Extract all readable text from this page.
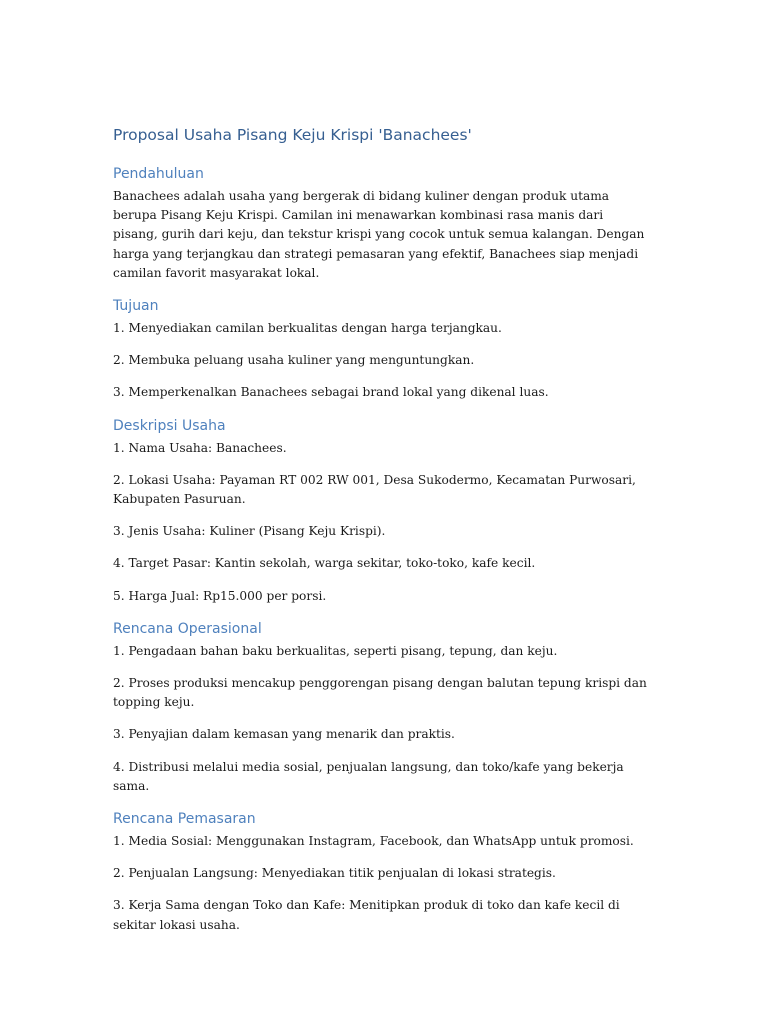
Proposal Usaha Pisang Keju Krispi 'Banachees'
Pendahuluan

Banachees adalah usaha yang bergerak di bidang kuliner dengan produk utama berupa Pisang Keju Krispi. Camilan ini menawarkan kombinasi rasa manis dari pisang, gurih dari keju, dan tekstur krispi yang cocok untuk semua kalangan. Dengan harga yang terjangkau dan strategi pemasaran yang efektif, Banachees siap menjadi camilan favorit masyarakat lokal.

Tujuan

1. Menyediakan camilan berkualitas dengan harga terjangkau.

2. Membuka peluang usaha kuliner yang menguntungkan.

3. Memperkenalkan Banachees sebagai brand lokal yang dikenal luas.

Deskripsi Usaha

1. Nama Usaha: Banachees.

2. Lokasi Usaha: Payaman RT 002 RW 001, Desa Sukodermo, Kecamatan Purwosari, Kabupaten Pasuruan.

3. Jenis Usaha: Kuliner (Pisang Keju Krispi).

4. Target Pasar: Kantin sekolah, warga sekitar, toko-toko, kafe kecil.

5. Harga Jual: Rp15.000 per porsi.

Rencana Operasional

1. Pengadaan bahan baku berkualitas, seperti pisang, tepung, dan keju.

2. Proses produksi mencakup penggorengan pisang dengan balutan tepung krispi dan topping keju.

3. Penyajian dalam kemasan yang menarik dan praktis.

4. Distribusi melalui media sosial, penjualan langsung, dan toko/kafe yang bekerja sama.

Rencana Pemasaran

1. Media Sosial: Menggunakan Instagram, Facebook, dan WhatsApp untuk promosi.

2. Penjualan Langsung: Menyediakan titik penjualan di lokasi strategis.

3. Kerja Sama dengan Toko dan Kafe: Menitipkan produk di toko dan kafe kecil di sekitar lokasi usaha.
